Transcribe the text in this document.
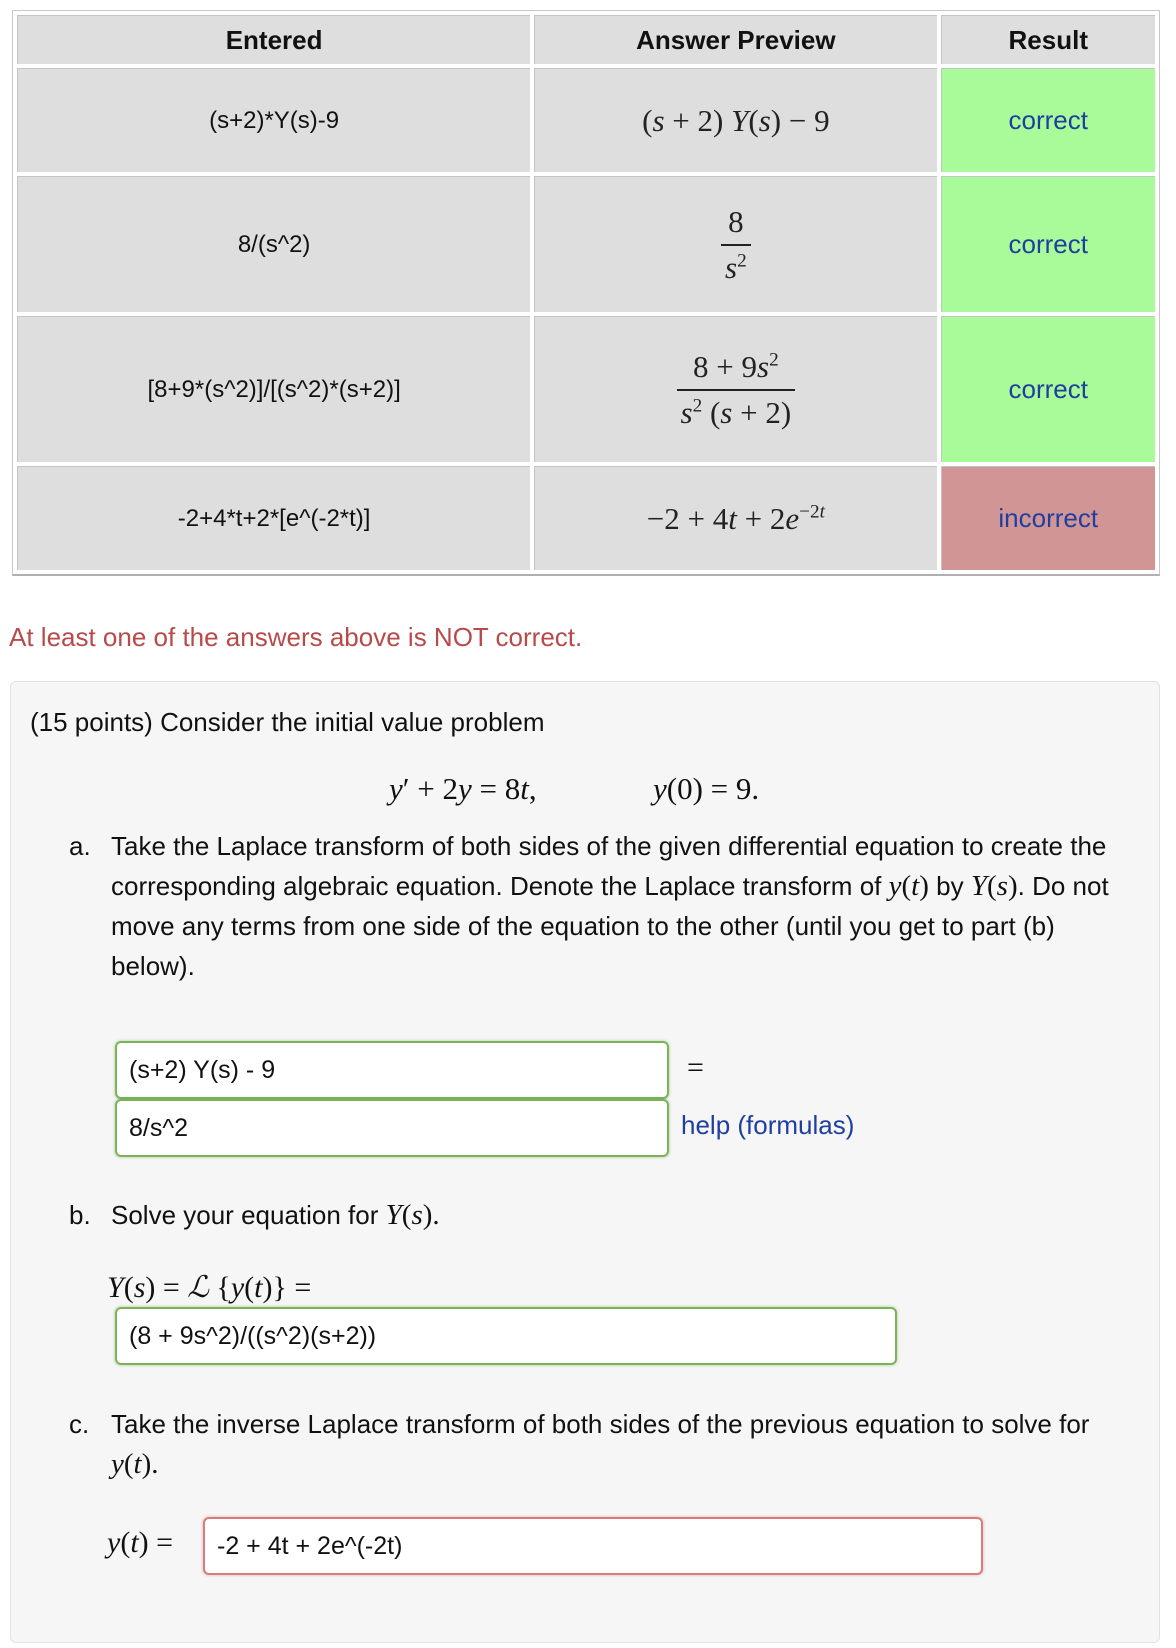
Entered	Answer Preview	Result
(s+2)*Y(s)-9	(s + 2) Y(s) − 9	correct
8/(s^2)	$\frac{8}{s^2}$	correct
[8+9*(s^2)]/[(s^2)*(s+2)]	$\frac{8 + 9s^2}{s^2 (s + 2)}$	correct
-2+4*t+2*[e^(-2*t)]	$-2 + 4t + 2e^{-2t}$	incorrect
At least one of the answers above is NOT correct.
(15 points) Consider the initial value problem
y′ + 2y = 8t,	y(0) = 9.
a. Take the Laplace transform of both sides of the given differential equation to create the corresponding algebraic equation. Denote the Laplace transform of y(t) by Y(s). Do not move any terms from one side of the equation to the other (until you get to part (b) below).
(s+2) Y(s) - 9
=
8/s^2
help (formulas)
b. Solve your equation for Y(s).
Y(s) = ℒ {y(t)} =
(8 + 9s^2)/((s^2)(s+2))
c. Take the inverse Laplace transform of both sides of the previous equation to solve for y(t).
y(t) =
-2 + 4t + 2e^(-2t)
